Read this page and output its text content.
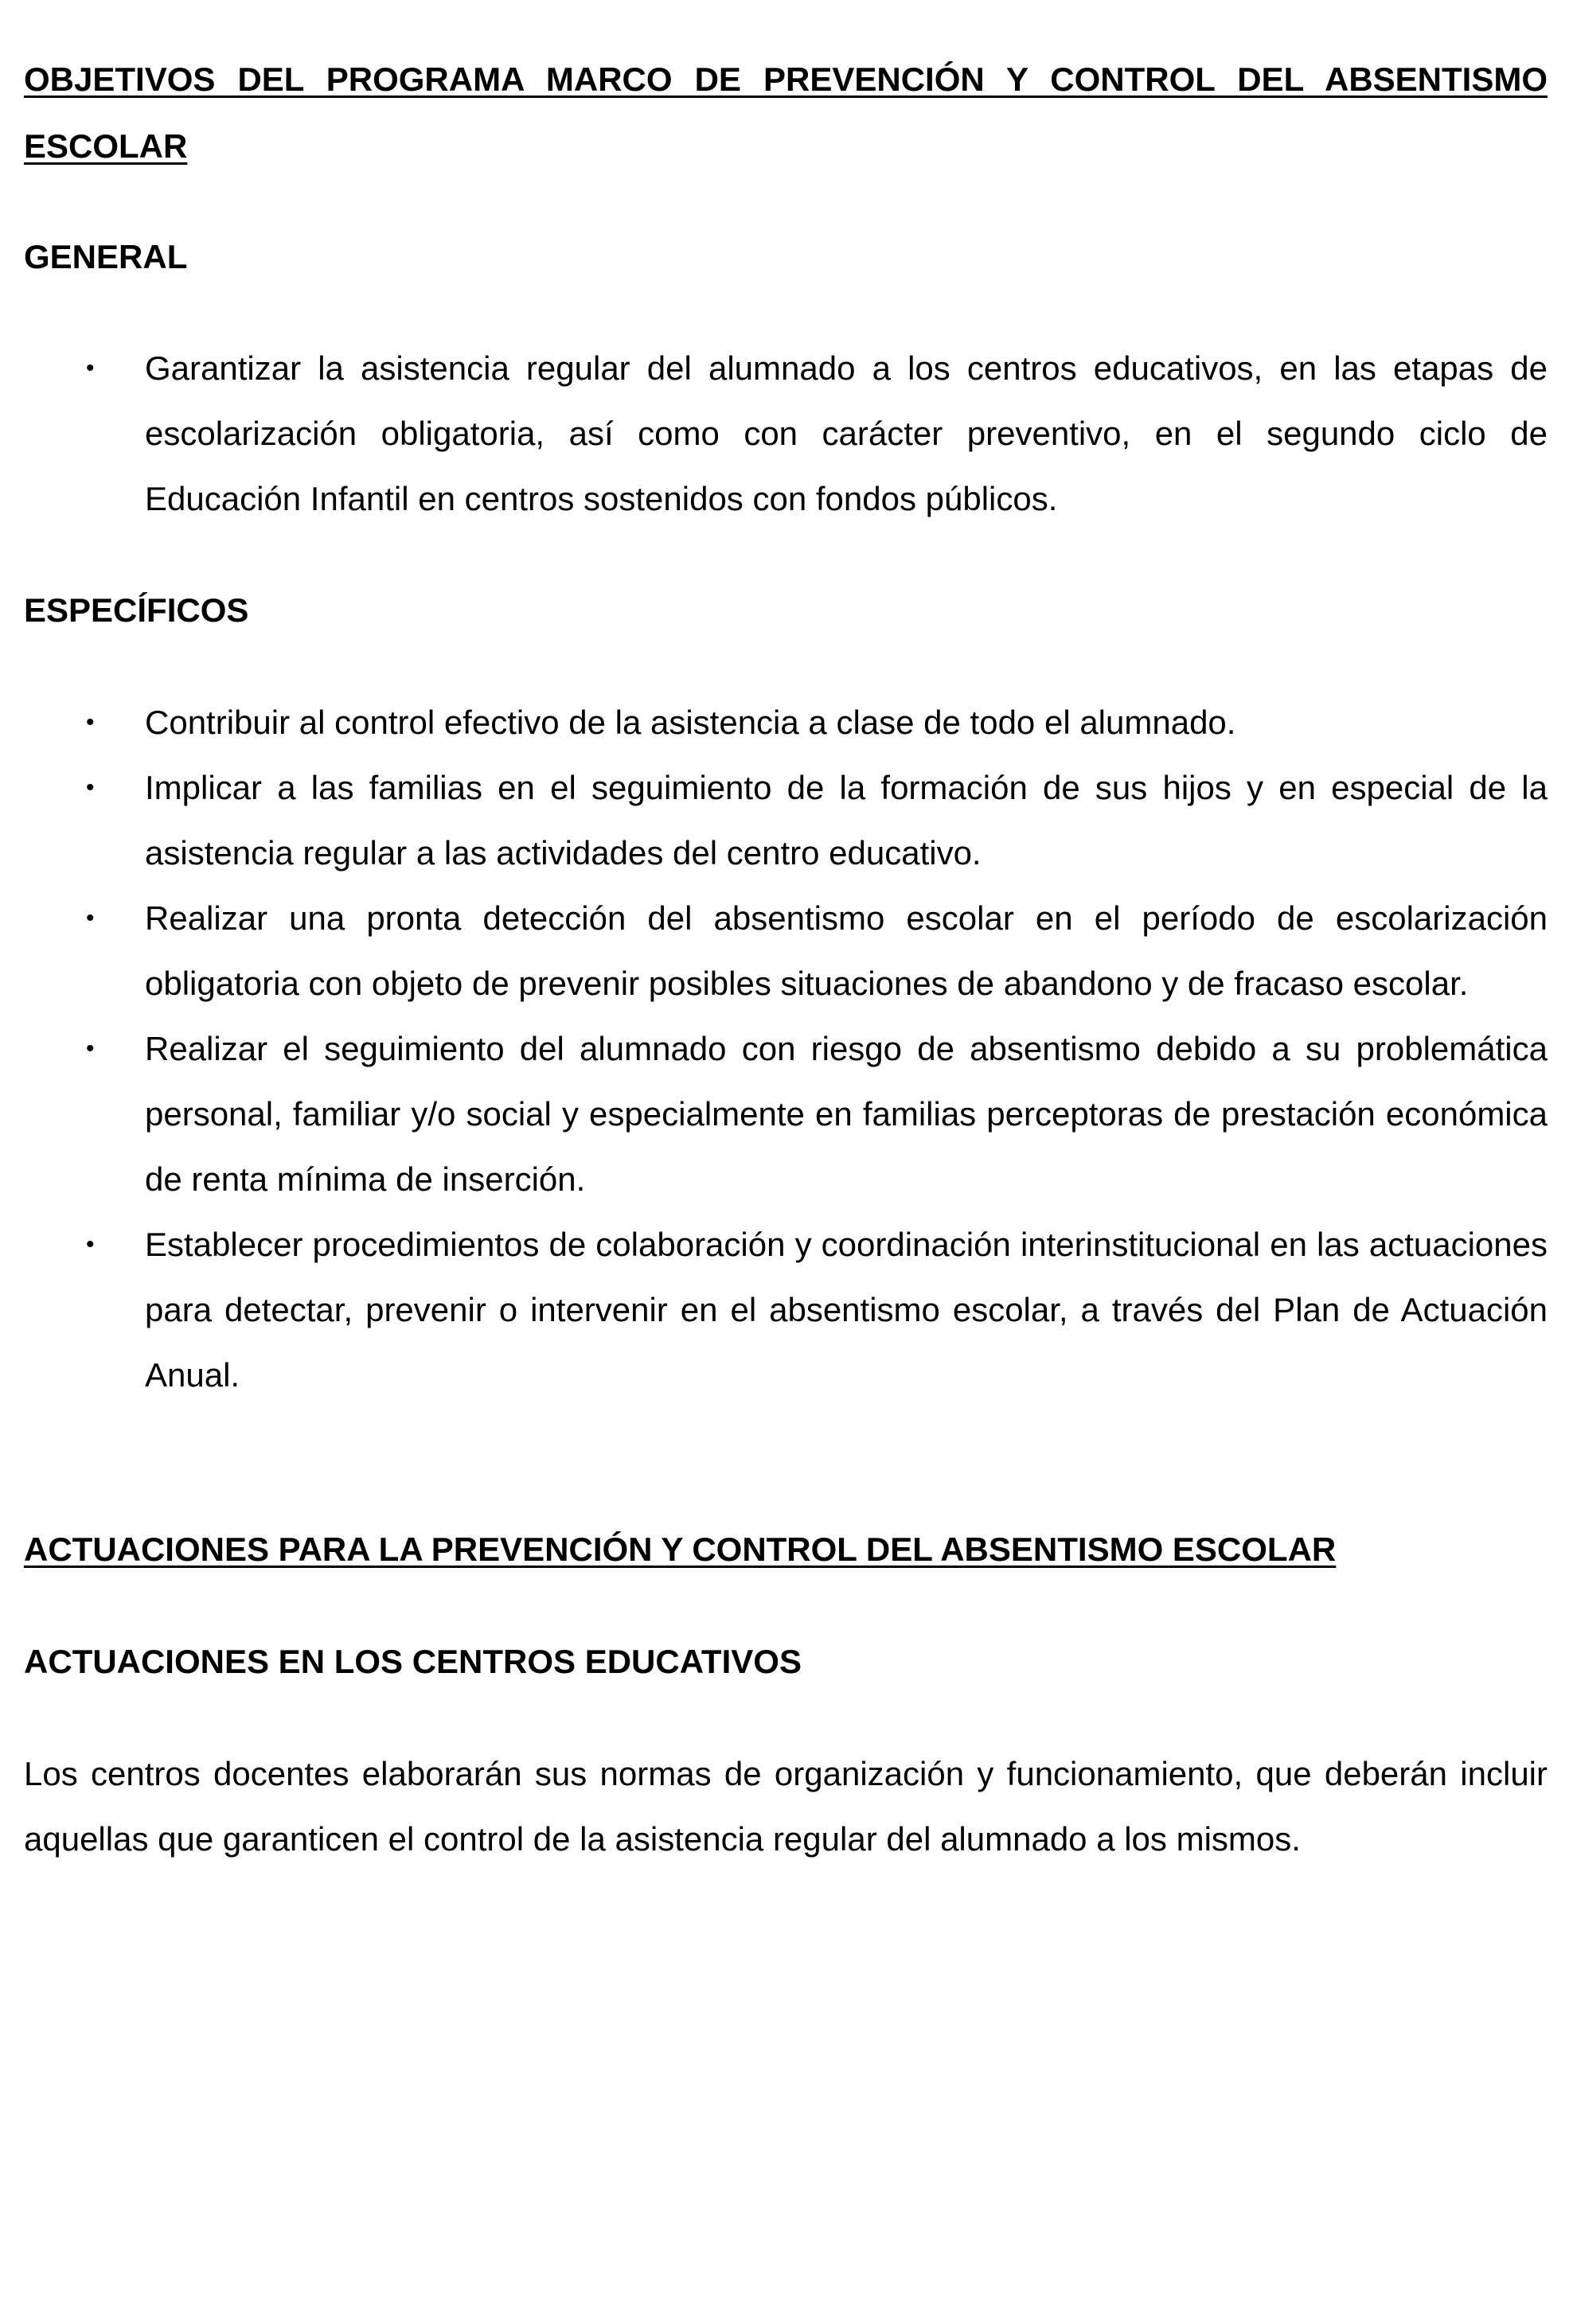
OBJETIVOS DEL PROGRAMA MARCO DE PREVENCIÓN Y CONTROL DEL ABSENTISMO ESCOLAR
GENERAL
• Garantizar la asistencia regular del alumnado a los centros educativos, en las etapas de escolarización obligatoria, así como con carácter preventivo, en el segundo ciclo de Educación Infantil en centros sostenidos con fondos públicos.
ESPECÍFICOS
• Contribuir al control efectivo de la asistencia a clase de todo el alumnado.
• Implicar a las familias en el seguimiento de la formación de sus hijos y en especial de la asistencia regular a las actividades del centro educativo.
• Realizar una pronta detección del absentismo escolar en el período de escolarización obligatoria con objeto de prevenir posibles situaciones de abandono y de fracaso escolar.
• Realizar el seguimiento del alumnado con riesgo de absentismo debido a su problemática personal, familiar y/o social y especialmente en familias perceptoras de prestación económica de renta mínima de inserción.
• Establecer procedimientos de colaboración y coordinación interinstitucional en las actuaciones para detectar, prevenir o intervenir en el absentismo escolar, a través del Plan de Actuación Anual.
ACTUACIONES PARA LA PREVENCIÓN Y CONTROL DEL ABSENTISMO ESCOLAR
ACTUACIONES EN LOS CENTROS EDUCATIVOS

Los centros docentes elaborarán sus normas de organización y funcionamiento, que deberán incluir aquellas que garanticen el control de la asistencia regular del alumnado a los mismos.
